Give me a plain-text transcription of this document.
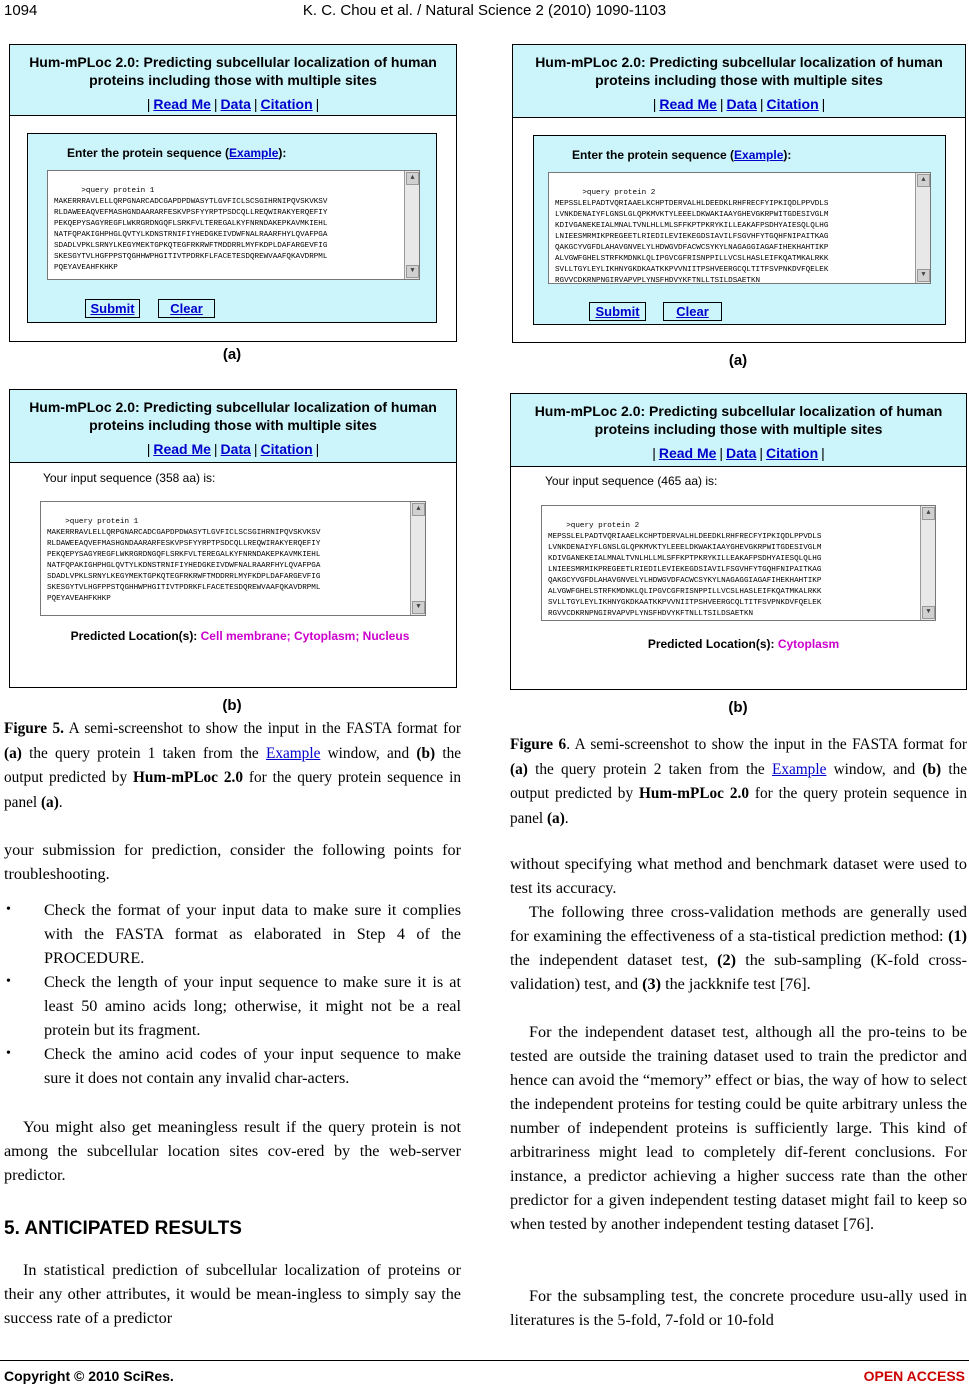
1094	K. C. Chou et al. / Natural Science 2 (2010) 1090-1103
Hum-mPLoc 2.0: Predicting subcellular localization of human proteins including those with multiple sites
| Read Me | Data | Citation |
Enter the protein sequence (Example):

>query protein 1
MAKERRRAVLELLQRPGNARCADCGAPDPDWASYTLGVFICLSCSGIHRNIPQVSKVKSV
RLDAWEEAQVEFMASHGNDAARARFESKVPSFYYRPTPSDCQLLREQWIRAKYERQEFIY
PEKQEPYSAGYREGFLWKRGRDNGQFLSRKFVLTEREGALKYFNRNDAKEPKAVMKIEHL
NATFQPAKIGHPHGLQVTYLKDNSTRNIFIYHEDGKEIVDWFNALRAARFHYLQVAFPGA
SDADLVPKLSRNYLKEGYMEKTGPKQTEGFRKRWFTMDDRRLMYFKDPLDAFARGEVFIG
SKESGYTVLHGFPPSTQGHHWPHGITIVTPDRKFLFACETESDQREWVAAFQKAVDRPML
PQEYAVEAHFKHKP

▲
▼

Submit	Clear
(a)
Hum-mPLoc 2.0: Predicting subcellular localization of human proteins including those with multiple sites
| Read Me | Data | Citation |
Your input sequence (358 aa) is:

>query protein 1
MAKERRRAVLELLQRPGNARCADCGAPDPDWASYTLGVFICLSCSGIHRNIPQVSKVKSV
RLDAWEEAQVEFMASHGNDAARARFESKVPSFYYRPTPSDCQLLREQWIRAKYERQEFIY
PEKQEPYSAGYREGFLWKRGRDNGQFLSRKFVLTEREGALKYFNRNDAKEPKAVMKIEHL
NATFQPAKIGHPHGLQVTYLKDNSTRNIFIYHEDGKEIVDWFNALRAARFHYLQVAFPGA
SDADLVPKLSRNYLKEGYMEKTGPKQTEGFRKRWFTMDDRRLMYFKDPLDAFARGEVFIG
SKESGYTVLHGFPPSTQGHHWPHGITIVTPDRKFLFACETESDQREWVAAFQKAVDRPML
PQEYAVEAHFKHKP

▲
▼

Predicted Location(s): Cell membrane; Cytoplasm; Nucleus
(b)
Figure 5. A semi-screenshot to show the input in the FASTA format for (a) the query protein 1 taken from the Example window, and (b) the output predicted by Hum-mPLoc 2.0 for the query protein sequence in panel (a).
your submission for prediction, consider the following points for troubleshooting.
• Check the format of your input data to make sure it complies with the FASTA format as elaborated in Step 4 of the PROCEDURE.
• Check the length of your input sequence to make sure it is at least 50 amino acids long; otherwise, it might not be a real protein but its fragment.
• Check the amino acid codes of your input sequence to make sure it does not contain any invalid char-acters.
You might also get meaningless result if the query protein is not among the subcellular location sites cov-ered by the web-server predictor.
5. ANTICIPATED RESULTS
In statistical prediction of subcellular localization of proteins or their any other attributes, it would be mean-ingless to simply say the success rate of a predictor
Hum-mPLoc 2.0: Predicting subcellular localization of human proteins including those with multiple sites
| Read Me | Data | Citation |
Enter the protein sequence (Example):

>query protein 2
MEPSSLELPADTVQRIAAELKCHPTDERVALHLDEEDKLRHFRECFYIPKIQDLPPVDLS
LVNKDENAIYFLGNSLGLQPKMVKTYLEEELDKWAKIAAYGHEVGKRPWITGDESIVGLM
KDIVGANEKEIALMNALTVNLHLLMLSFFKPTPKRYKILLEAKAFPSDHYAIESQLQLHG
LNIEESMRMIKPREGEETLRIEDILEVIEKEGDSIAVILFSGVHFYTGQHFNIPAITKAG
QAKGCYVGFDLAHAVGNVELYLHDWGVDFACWCSYKYLNAGAGGIAGAFIHEKHAHTIKP
ALVGWFGHELSTRFKMDNKLQLIPGVCGFRISNPPILLVCSLHASLEIFKQATMKALRKK
SVLLTGYLEYLIKHNYGKDKAATKKPVVNIITPSHVEERGCQLTITFSVPNKDVFQELEK
RGVVCDKRNPNGIRVAPVPLYNSFHDVYKFTNLLTSILDSAETKN

▲
▼

Submit	Clear
(a)
Hum-mPLoc 2.0: Predicting subcellular localization of human proteins including those with multiple sites
| Read Me | Data | Citation |
Your input sequence (465 aa) is:

>query protein 2
MEPSSLELPADTVQRIAAELKCHPTDERVALHLDEEDKLRHFRECFYIPKIQDLPPVDLS
LVNKDENAIYFLGNSLGLQPKMVKTYLEEELDKWAKIAAYGHEVGKRPWITGDESIVGLM
KDIVGANEKEIALMNALTVNLHLLMLSFFKPTPKRYKILLEAKAFPSDHYAIESQLQLHG
LNIEESMRMIKPREGEETLRIEDILEVIEKEGDSIAVILFSGVHFYTGQHFNIPAITKAG
QAKGCYVGFDLAHAVGNVELYLHDWGVDFACWCSYKYLNAGAGGIAGAFIHEKHAHTIKP
ALVGWFGHELSTRFKMDNKLQLIPGVCGFRISNPPILLVCSLHASLEIFKQATMKALRKK
SVLLTGYLEYLIKHNYGKDKAATKKPVVNIITPSHVEERGCQLTITFSVPNKDVFQELEK
RGVVCDKRNPNGIRVAPVPLYNSFHDVYKFTNLLTSILDSAETKN

▲
▼

Predicted Location(s): Cytoplasm
(b)
Figure 6. A semi-screenshot to show the input in the FASTA format for (a) the query protein 2 taken from the Example window, and (b) the output predicted by Hum-mPLoc 2.0 for the query protein sequence in panel (a).
without specifying what method and benchmark dataset were used to test its accuracy.
The following three cross-validation methods are generally used for examining the effectiveness of a sta-tistical prediction method: (1) the independent dataset test, (2) the sub-sampling (K-fold cross-validation) test, and (3) the jackknife test [76].
For the independent dataset test, although all the pro-teins to be tested are outside the training dataset used to train the predictor and hence can avoid the “memory” effect or bias, the way of how to select the independent proteins for testing could be quite arbitrary unless the number of independent proteins is sufficiently large. This kind of arbitrariness might lead to completely dif-ferent conclusions. For instance, a predictor achieving a higher success rate than the other predictor for a given independent testing dataset might fail to keep so when tested by another independent testing dataset [76].
For the subsampling test, the concrete procedure usu-ally used in literatures is the 5-fold, 7-fold or 10-fold
Copyright © 2010 SciRes.	OPEN ACCESS
